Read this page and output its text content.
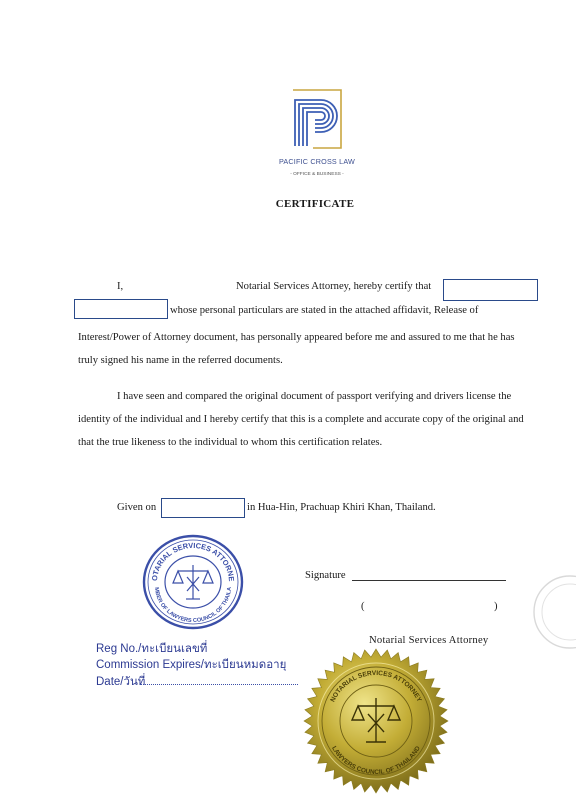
PACIFIC CROSS LAW
- OFFICE & BUSINESS -
CERTIFICATE
I,	Notarial Services Attorney, hereby certify that
whose personal particulars are stated in the attached affidavit, Release of
Interest/Power of Attorney document, has personally appeared before me and assured to me that he has
truly signed his name in the referred documents.
I have seen and compared the original document of passport verifying and drivers license the
identity of the individual and I hereby certify that this is a complete and accurate copy of the original and
that the true likeness to the individual to whom this certification relates.
Given on	in Hua-Hin, Prachuap Khiri Khan, Thailand.
OTARIAL SERVICES ATTORNE
MBER OF LAWYERS COUNCIL OF THAILA
Reg No./ทะเบียนเลขที่
Commission Expires/ทะเบียนหมดอายุ
Date/วันที่
Signature
(	)
Notarial Services Attorney
NOTARIAL SERVICES ATTORNEY
LAWYERS COUNCIL OF THAILAND
